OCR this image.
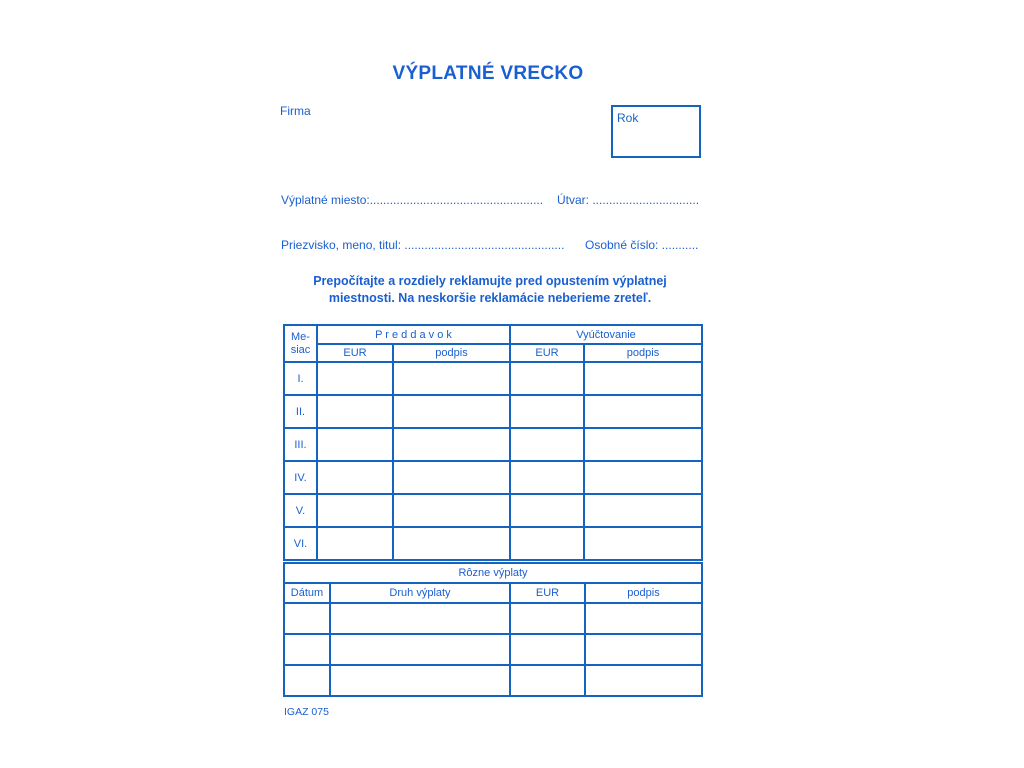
VÝPLATNÉ VRECKO
Firma	Rok
Výplatné miesto:.................................................... Útvar: ................................
Priezvisko, meno, titul: ................................................ Osobné číslo: ...........
Prepočítajte a rozdiely reklamujte pred opustením výplatnej
miestnosti. Na neskoršie reklamácie neberieme zreteľ.
Me-
siac	P r e d d a v o k		Vyúčtovanie	
	EUR	podpis	EUR	podpis
I.				
II.				
III.				
IV.				
V.				
VI.				
Rôzne výplaty			
Dátum	Druh výplaty	EUR	podpis

IGAZ 075
